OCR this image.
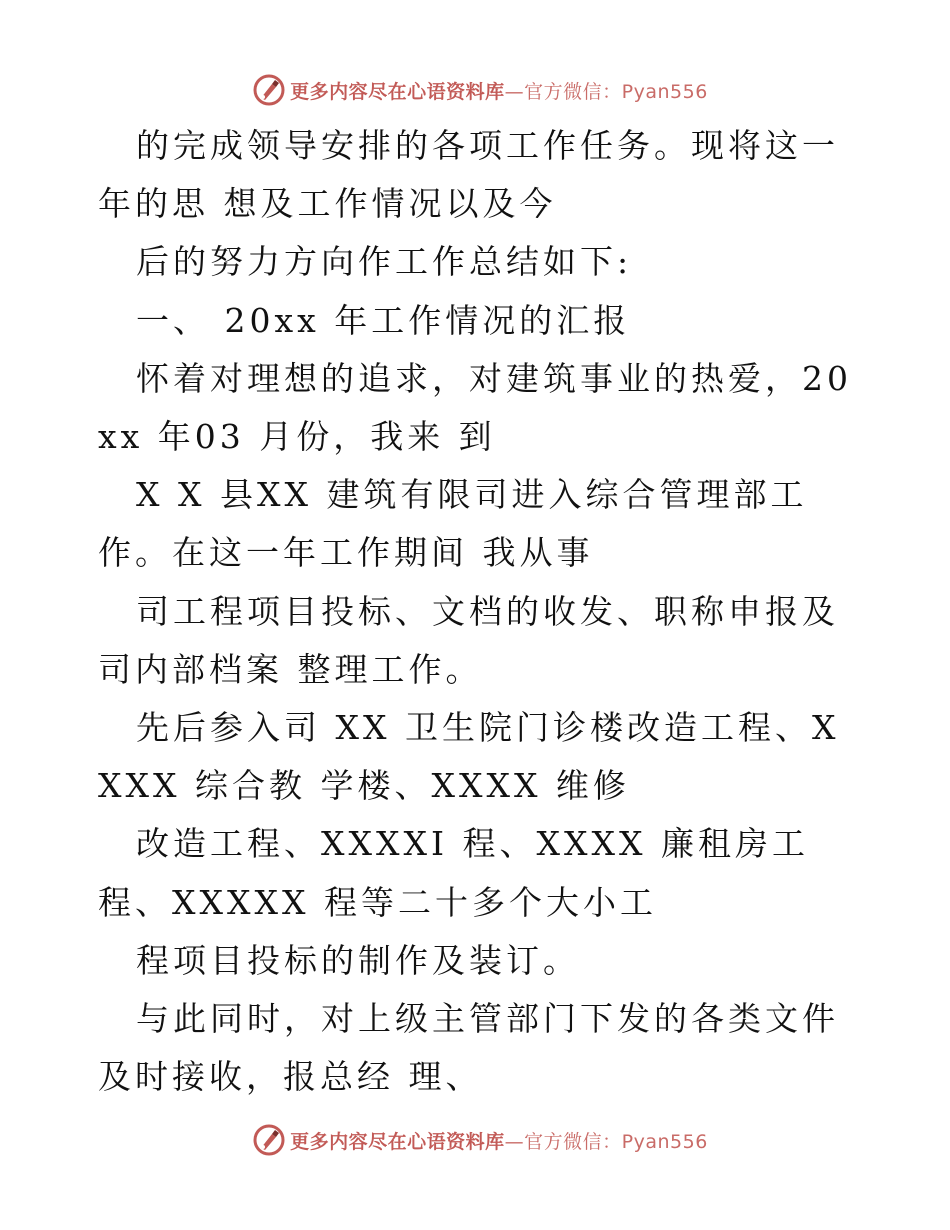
更多内容尽在心语资料库—官方微信：Pyan556

的完成领导安排的各项工作任务。现将这一年的思 想及工作情况以及今

后的努力方向作工作总结如下:

一、 20xx 年工作情况的汇报

怀着对理想的追求，对建筑事业的热爱，20xx 年03 月份，我来 到

X X 县XX 建筑有限司进入综合管理部工作。在这一年工作期间 我从事

司工程项目投标、文档的收发、职称申报及司内部档案 整理工作。

先后参入司 XX 卫生院门诊楼改造工程、XXXX 综合教 学楼、XXXX 维修

改造工程、XXXXI 程、XXXX 廉租房工程、XXXXX 程等二十多个大小工

程项目投标的制作及装订。

与此同时，对上级主管部门下发的各类文件及时接收，报总经 理、

更多内容尽在心语资料库—官方微信：Pyan556
